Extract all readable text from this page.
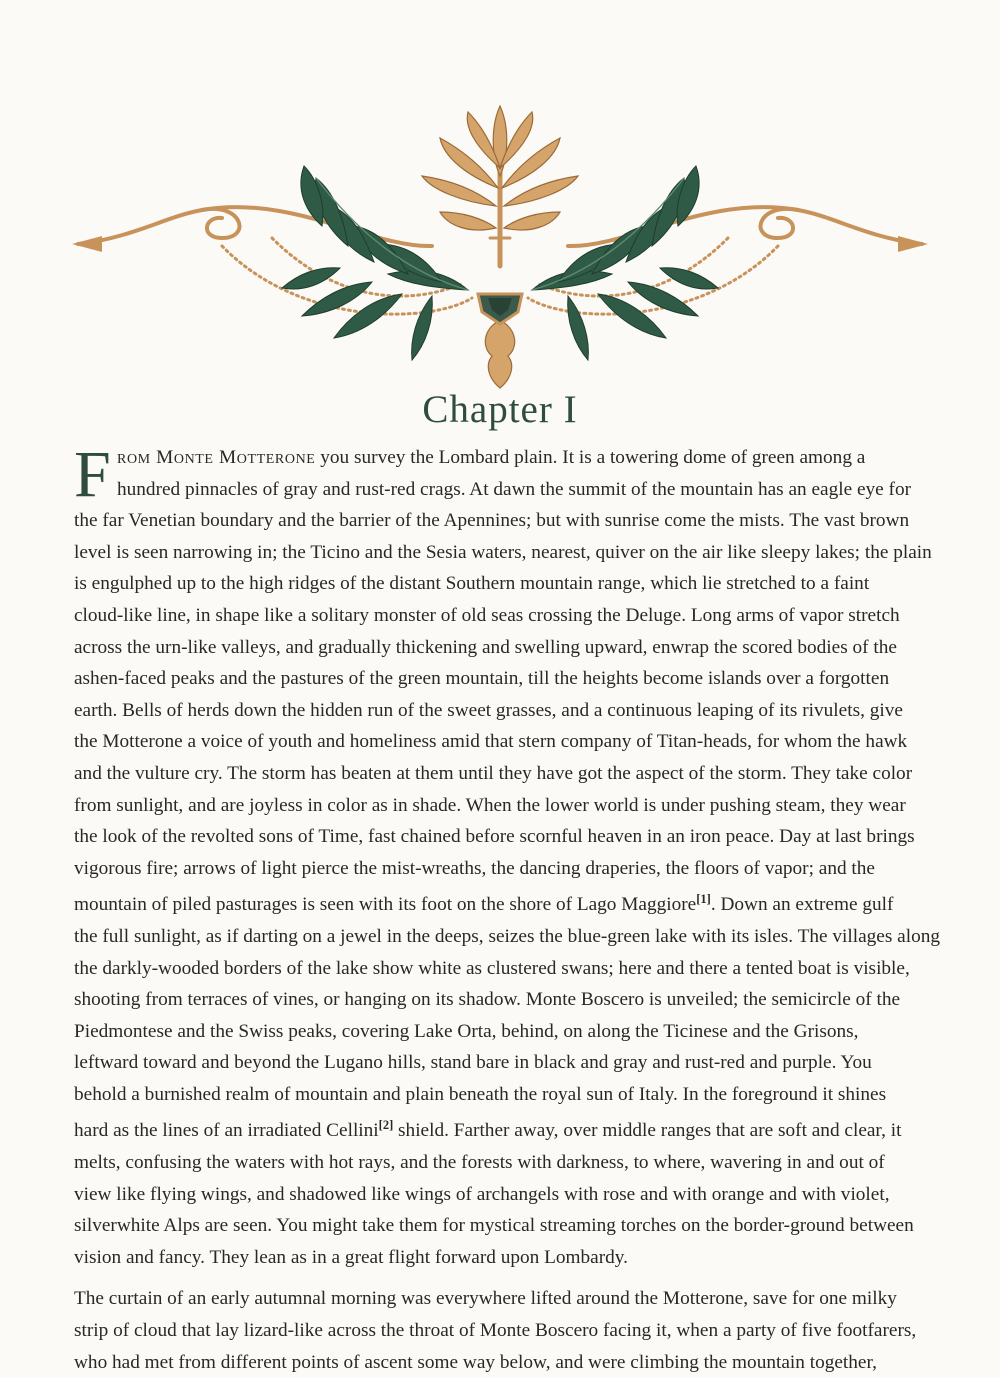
Chapter I
F rom Monte Motterone you survey the Lombard plain. It is a towering dome of green among a
hundred pinnacles of gray and rust-red crags. At dawn the summit of the mountain has an eagle eye for
the far Venetian boundary and the barrier of the Apennines; but with sunrise come the mists. The vast brown
level is seen narrowing in; the Ticino and the Sesia waters, nearest, quiver on the air like sleepy lakes; the plain
is engulphed up to the high ridges of the distant Southern mountain range, which lie stretched to a faint
cloud-like line, in shape like a solitary monster of old seas crossing the Deluge. Long arms of vapor stretch
across the urn-like valleys, and gradually thickening and swelling upward, enwrap the scored bodies of the
ashen-faced peaks and the pastures of the green mountain, till the heights become islands over a forgotten
earth. Bells of herds down the hidden run of the sweet grasses, and a continuous leaping of its rivulets, give
the Motterone a voice of youth and homeliness amid that stern company of Titan-heads, for whom the hawk
and the vulture cry. The storm has beaten at them until they have got the aspect of the storm. They take color
from sunlight, and are joyless in color as in shade. When the lower world is under pushing steam, they wear
the look of the revolted sons of Time, fast chained before scornful heaven in an iron peace. Day at last brings
vigorous fire; arrows of light pierce the mist-wreaths, the dancing draperies, the floors of vapor; and the
mountain of piled pasturages is seen with its foot on the shore of Lago Maggiore[1]. Down an extreme gulf
the full sunlight, as if darting on a jewel in the deeps, seizes the blue-green lake with its isles. The villages along
the darkly-wooded borders of the lake show white as clustered swans; here and there a tented boat is visible,
shooting from terraces of vines, or hanging on its shadow. Monte Boscero is unveiled; the semicircle of the
Piedmontese and the Swiss peaks, covering Lake Orta, behind, on along the Ticinese and the Grisons,
leftward toward and beyond the Lugano hills, stand bare in black and gray and rust-red and purple. You
behold a burnished realm of mountain and plain beneath the royal sun of Italy. In the foreground it shines
hard as the lines of an irradiated Cellini[2] shield. Farther away, over middle ranges that are soft and clear, it
melts, confusing the waters with hot rays, and the forests with darkness, to where, wavering in and out of
view like flying wings, and shadowed like wings of archangels with rose and with orange and with violet,
silverwhite Alps are seen. You might take them for mystical streaming torches on the border-ground between
vision and fancy. They lean as in a great flight forward upon Lombardy.
The curtain of an early autumnal morning was everywhere lifted around the Motterone, save for one milky
strip of cloud that lay lizard-like across the throat of Monte Boscero facing it, when a party of five footfarers,
who had met from different points of ascent some way below, and were climbing the mountain together,
